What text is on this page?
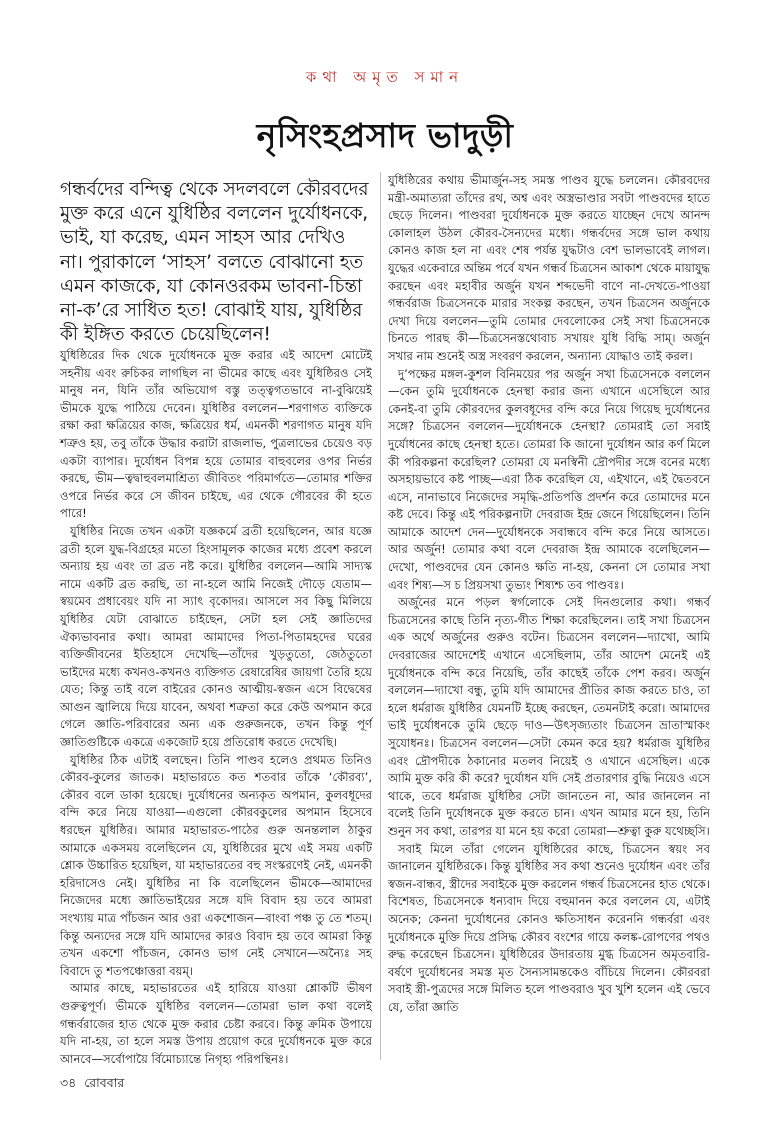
কথা অমৃত সমান
নৃসিংহপ্রসাদ ভাদুড়ী

গন্ধর্বদের বন্দিত্ব থেকে সদলবলে কৌরবদের মুক্ত করে এনে যুধিষ্ঠির বললেন দুর্যোধনকে, ভাই, যা করেছ, এমন সাহস আর দেখিও না। পুরাকালে ‘সাহস’ বলতে বোঝানো হত এমন কাজকে, যা কোনওরকম ভাবনা-চিন্তা না-ক’রে সাধিত হত! বোঝাই যায়, যুধিষ্ঠির কী ইঙ্গিত করতে চেয়েছিলেন!

যুধিষ্ঠিরের দিক থেকে দুর্যোধনকে মুক্ত করার এই আদেশ মোটেই সহনীয় এবং রুচিকর লাগছিল না ভীমের কাছে এবং যুধিষ্ঠিরও সেই মানুষ নন, যিনি তাঁর অভিযোগ বস্তু তত্ত্বগতভাবে না-বুঝিয়েই ভীমকে যুদ্ধে পাঠিয়ে দেবেন। যুধিষ্ঠির বললেন—শরণাগত ব্যক্তিকে রক্ষা করা ক্ষত্রিয়ের কাজ, ক্ষত্রিয়ের ধর্ম, এমনকী শরণাগত মানুষ যদি শত্রুও হয়, তবু তাঁকে উদ্ধার করাটা রাজলাভ, পুত্রলাভের চেয়েও বড় একটা ব্যাপার। দুর্যোধন বিপন্ন হয়ে তোমার বাহুবলের ওপর নির্ভর করছে, ভীম—ত্বদ্বাহুবলমাশ্রিত্য জীবিতং পরিমার্গতে—তোমার শক্তির ওপরে নির্ভর করে সে জীবন চাইছে, এর থেকে গৌরবের কী হতে পারে!

যুধিষ্ঠির নিজে তখন একটা যজ্ঞকর্মে ব্রতী হয়েছিলেন, আর যজ্ঞে ব্রতী হলে যুদ্ধ-বিগ্রহের মতো হিংসামূলক কাজের মধ্যে প্রবেশ করলে অন্যায় হয় এবং তা ব্রত নষ্ট করে। যুধিষ্ঠির বললেন—আমি সাদ্যস্ক নামে একটি ব্রত করছি, তা না-হলে আমি নিজেই দৌড়ে যেতাম—স্বয়মেব প্রধাবেয়ং যদি না স্যাৎ বৃকোদর। আসলে সব কিছু মিলিয়ে যুধিষ্ঠির যেটা বোঝাতে চাইছেন, সেটা হল সেই জ্ঞাতিদের ঐক্যভাবনার কথা। আমরা আমাদের পিতা-পিতামহদের ঘরের ব্যক্তিজীবনের ইতিহাসে দেখেছি—তাঁদের খুড়তুতো, জেঠতুতো ভাইদের মধ্যে কখনও-কখনও ব্যক্তিগত রেষারেষির জায়গা তৈরি হয়ে যেত; কিন্তু তাই বলে বাইরের কোনও আত্মীয়-স্বজন এসে বিদ্বেষের আগুন জ্বালিয়ে দিয়ে যাবেন, অথবা শত্রুতা করে কেউ অপমান করে গেলে জ্ঞাতি-পরিবারের অন্য এক গুরুজনকে, তখন কিন্তু পূর্ণ জ্ঞাতিগুষ্টিকে একত্রে একজোট হয়ে প্রতিরোধ করতে দেখেছি।

যুধিষ্ঠির ঠিক এটাই বলছেন। তিনি পাণ্ডব হলেও প্রথমত তিনিও কৌরব-কুলের জাতক। মহাভারতে কত শতবার তাঁকে ‘কৌরব্য’, কৌরব বলে ডাকা হয়েছে। দুর্যোধনের অন্যকৃত অপমান, কুলবধূদের বন্দি করে নিয়ে যাওয়া—এগুলো কৌরবকুলের অপমান হিসেবে ধরছেন যুধিষ্ঠির। আমার মহাভারত-পাঠের গুরু অনন্তলাল ঠাকুর আমাকে একসময় বলেছিলেন যে, যুধিষ্ঠিরের মুখে এই সময় একটি শ্লোক উচ্চারিত হয়েছিল, যা মহাভারতের বহু সংস্করণেই নেই, এমনকী হরিদাসেও নেই। যুধিষ্ঠির না কি বলেছিলেন ভীমকে—আমাদের নিজেদের মধ্যে জ্ঞাতিভাইয়ের সঙ্গে যদি বিবাদ হয় তবে আমরা সংখ্যায় মাত্র পাঁচজন আর ওরা একশোজন—বাংবা পঞ্চ তু তে শতম্। কিন্তু অন্যদের সঙ্গে যদি আমাদের কারও বিবাদ হয় তবে আমরা কিন্তু তখন একশো পাঁচজন, কোনও ভাগ নেই সেখানে—অন্যৈঃ সহ বিবাদে তু শতপঞ্চোত্তরা বয়ম্।

আমার কাছে, মহাভারতের এই হারিয়ে যাওয়া শ্লোকটি ভীষণ গুরুত্বপূর্ণ। ভীমকে যুধিষ্ঠির বললেন—তোমরা ভাল কথা বলেই গন্ধর্বরাজের হাত থেকে মুক্ত করার চেষ্টা করবে। কিন্তু ক্রমিক উপায়ে যদি না-হয়, তা হলে সমস্ত উপায় প্রয়োগ করে দুর্যোধনকে মুক্ত করে আনবে—সর্বোপায়ৈ র্বিমোচ্যান্তে নিগৃহ্য পরিপন্থিনঃ।

যুধিষ্ঠিরের কথায় ভীমার্জুন-সহ সমস্ত পাণ্ডব যুদ্ধে চললেন। কৌরবদের মন্ত্রী-অমাত্যরা তাঁদের রথ, অশ্ব এবং অস্ত্রভাণ্ডার সবটা পাণ্ডবদের হাতে ছেড়ে দিলেন। পাণ্ডবরা দুর্যোধনকে মুক্ত করতে যাচ্ছেন দেখে আনন্দ কোলাহল উঠল কৌরব-সৈন্যদের মধ্যে। গন্ধর্বদের সঙ্গে ভাল কথায় কোনও কাজ হল না এবং শেষ পর্যন্ত যুদ্ধটাও বেশ ভালভাবেই লাগল। যুদ্ধের একেবারে অন্তিম পর্বে যখন গন্ধর্ব চিত্রসেন আকাশ থেকে মায়াযুদ্ধ করছেন এবং মহাবীর অর্জুন যখন শব্দভেদী বাণে না-দেখতে-পাওয়া গন্ধর্বরাজ চিত্রসেনকে মারার সংকল্প করছেন, তখন চিত্রসেন অর্জুনকে দেখা দিয়ে বললেন—তুমি তোমার দেবলোকের সেই সখা চিত্রসেনকে চিনতে পারছ কী—চিত্রসেনস্তথোবাচ সখায়ং যুধি বিদ্ধি সাম্। অর্জুন সখার নাম শুনেই অস্ত্র সংবরণ করলেন, অন্যান্য যোদ্ধাও তাই করল।

দু’পক্ষের মঙ্গল-কুশল বিনিময়ের পর অর্জুন সখা চিত্রসেনকে বললেন—কেন তুমি দুর্যোধনকে হেনস্থা করার জন্য এখানে এসেছিলে আর কেনই-বা তুমি কৌরবদের কুলবধূদের বন্দি করে নিয়ে গিয়েছ দুর্যোধনের সঙ্গে? চিত্রসেন বললেন—দুর্যোধনকে হেনস্থা? তোমরাই তো সবাই দুর্যোধনের কাছে হেনস্থা হতে। তোমরা কি জানো দুর্যোধন আর কর্ণ মিলে কী পরিকল্পনা করেছিল? তোমরা যে মনস্বিনী দ্রৌপদীর সঙ্গে বনের মধ্যে অসহায়ভাবে কষ্ট পাচ্ছ—এরা ঠিক করেছিল যে, এইখানে, এই দ্বৈতবনে এসে, নানাভাবে নিজেদের সমৃদ্ধি-প্রতিপত্তি প্রদর্শন করে তোমাদের মনে কষ্ট দেবে। কিন্তু এই পরিকল্পনাটা দেবরাজ ইন্দ্র জেনে গিয়েছিলেন। তিনি আমাকে আদেশ দেন—দুর্যোধনকে সবান্ধবে বন্দি করে নিয়ে আসতে। আর অর্জুন! তোমার কথা বলে দেবরাজ ইন্দ্র আমাকে বলেছিলেন—দেখো, পাণ্ডবদের যেন কোনও ক্ষতি না-হয়, কেননা সে তোমার সখা এবং শিষ্য—স চ প্রিয়সখা তুভ্যং শিষ্যশ্চ তব পাণ্ডবঃ।

অর্জুনের মনে পড়ল স্বর্গলোকে সেই দিনগুলোর কথা। গন্ধর্ব চিত্রসেনের কাছে তিনি নৃত্য-গীত শিক্ষা করেছিলেন। তাই সখা চিত্রসেন এক অর্থে অর্জুনের গুরুও বটেন। চিত্রসেন বললেন—দ্যাখো, আমি দেবরাজের আদেশেই এখানে এসেছিলাম, তাঁর আদেশ মেনেই এই দুর্যোধনকে বন্দি করে নিয়েছি, তাঁর কাছেই তাঁকে পেশ করব। অর্জুন বললেন—দ্যাখো বন্ধু, তুমি যদি আমাদের প্রীতির কাজ করতে চাও, তা হলে ধর্মরাজ যুধিষ্ঠির যেমনটি ইচ্ছে করছেন, তেমনটাই করো। আমাদের ভাই দুর্যোধনকে তুমি ছেড়ে দাও—উৎসৃজ্যতাং চিত্রসেন ভ্রাতাস্মাকং সুযোধনঃ। চিত্রসেন বললেন—সেটা কেমন করে হয়? ধর্মরাজ যুধিষ্ঠির এবং দ্রৌপদীকে ঠকানোর মতলব নিয়েই ও এখানে এসেছিল। একে আমি মুক্ত করি কী করে? দুর্যোধন যদি সেই প্রতারণার বুদ্ধি নিয়েও এসে থাকে, তবে ধর্মরাজ যুধিষ্ঠির সেটা জানতেন না, আর জানলেন না বলেই তিনি দুর্যোধনকে মুক্ত করতে চান। এখন আমার মনে হয়, তিনি শুনুন সব কথা, তারপর যা মনে হয় করো তোমরা—শ্রুত্বা কুরু যথেচ্ছসি।

সবাই মিলে তাঁরা গেলেন যুধিষ্ঠিরের কাছে, চিত্রসেন স্বয়ং সব জানালেন যুধিষ্ঠিরকে। কিন্তু যুধিষ্ঠির সব কথা শুনেও দুর্যোধন এবং তাঁর স্বজন-বান্ধব, স্ত্রীদের সবাইকে মুক্ত করলেন গন্ধর্ব চিত্রসেনের হাত থেকে। বিশেষত, চিত্রসেনকে ধন্যবাদ দিয়ে বহুমানন করে বললেন যে, এটাই অনেক; কেননা দুর্যোধনের কোনও ক্ষতিসাধন করেননি গন্ধর্বরা এবং দুর্যোধনকে মুক্তি দিয়ে প্রসিদ্ধ কৌরব বংশের গায়ে কলঙ্ক-রোপণের পথও রুদ্ধ করেছেন চিত্রসেন। যুধিষ্ঠিরের উদারতায় মুগ্ধ চিত্রসেন অমৃতবারি-বর্ষণে দুর্যোধনের সমস্ত মৃত সৈন্যসামন্তকেও বাঁচিয়ে দিলেন। কৌরবরা সবাই স্ত্রী-পুত্রদের সঙ্গে মিলিত হলে পাণ্ডবরাও খুব খুশি হলেন এই ভেবে যে, তাঁরা জ্ঞাতি

৩৪ রোববার
